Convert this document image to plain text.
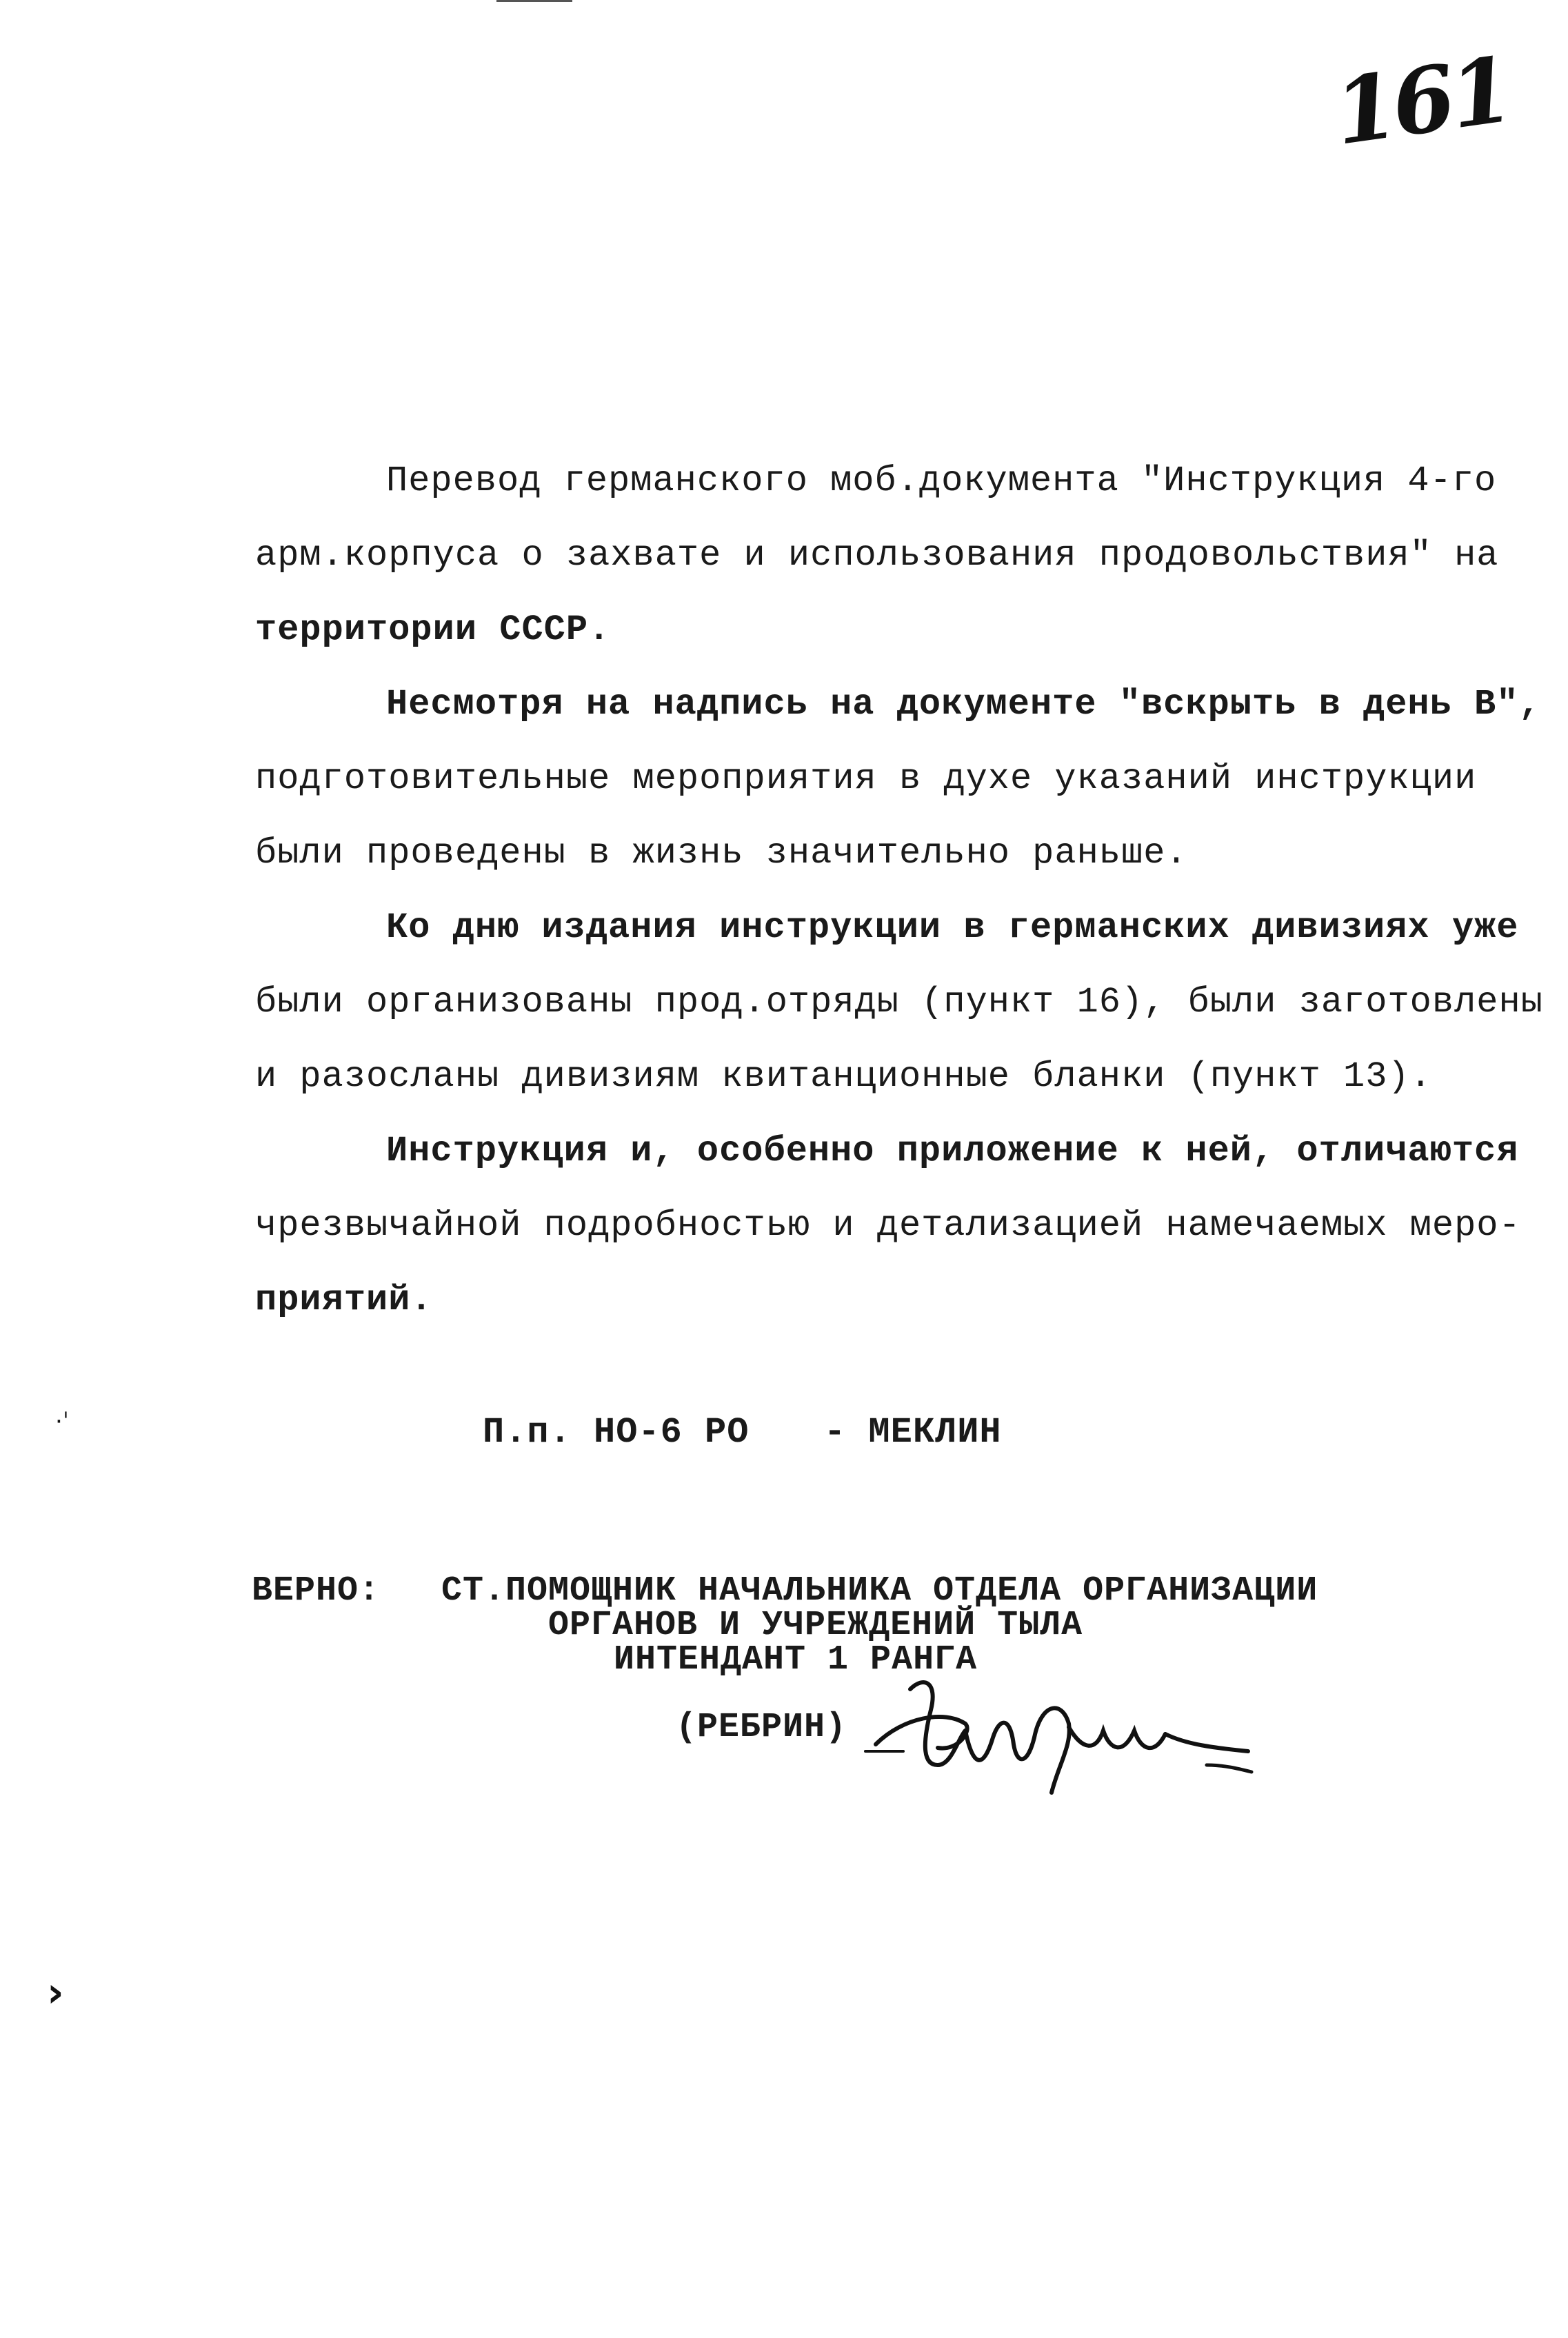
161
Перевод германского моб.документа "Инструкция 4-го
арм.корпуса о захвате и использования продовольствия" на
территории СССР.
Несмотря на надпись на документе "вскрыть в день В",
подготовительные мероприятия в духе указаний инструкции
были проведены в жизнь значительно раньше.
Ко дню издания инструкции в германских дивизиях уже
были организованы прод.отряды (пункт 16), были заготовлены
и разосланы дивизиям квитанционные бланки (пункт 13).
Инструкция и, особенно приложение к ней, отличаются
чрезвычайной подробностью и детализацией намечаемых меро-
приятий.
П.п. НО-6 РО - МЕКЛИН
ВЕРНО: СТ.ПОМОЩНИК НАЧАЛЬНИКА ОТДЕЛА ОРГАНИЗАЦИИ
ОРГАНОВ И УЧРЕЖДЕНИЙ ТЫЛА
ИНТЕНДАНТ 1 РАНГА
(РЕБРИН)
·ˈ
›
